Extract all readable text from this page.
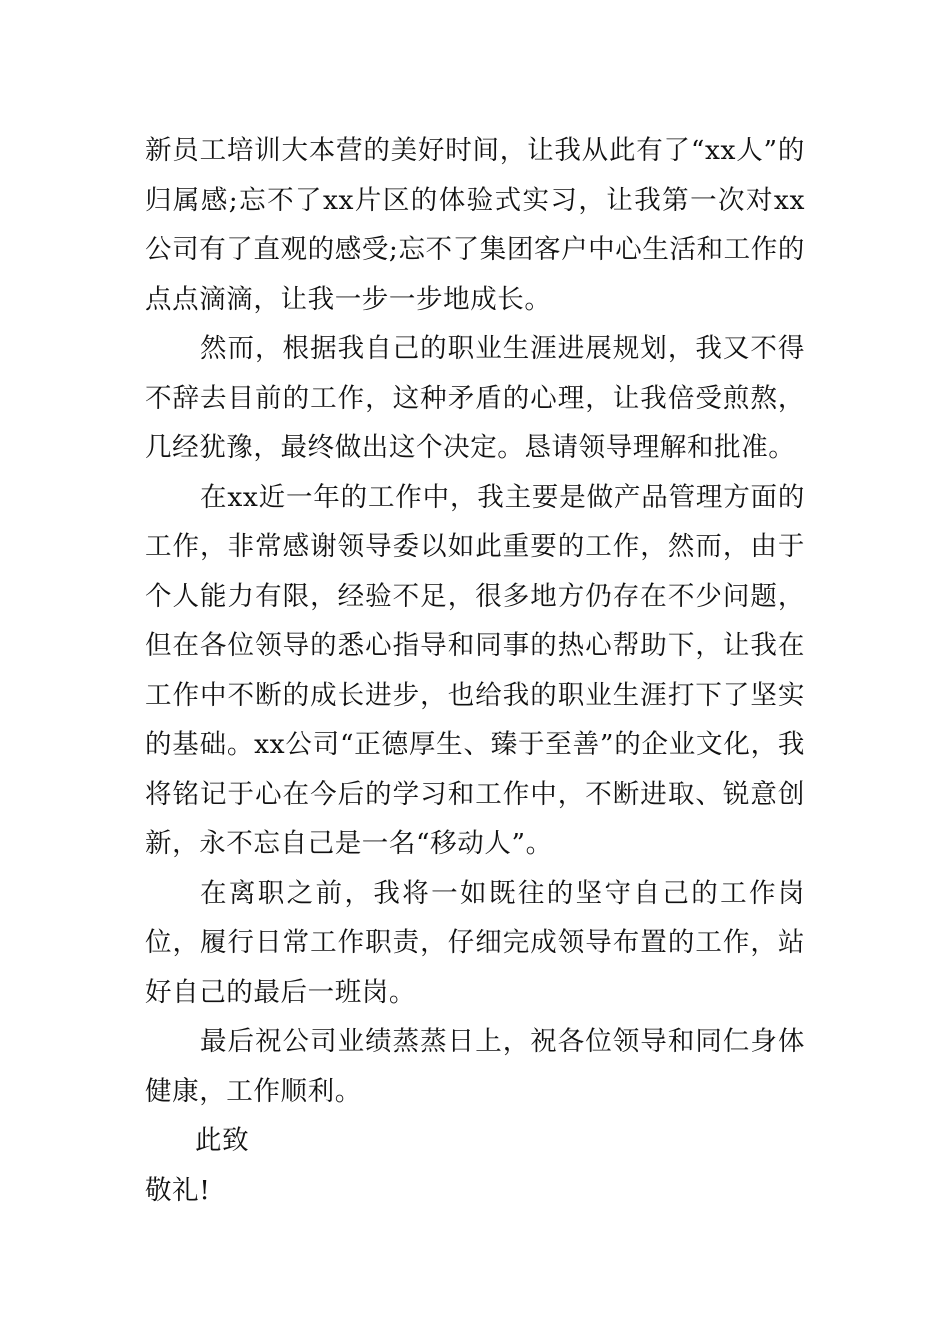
新员工培训大本营的美好时间，让我从此有了“xx人”的归属感;忘不了xx片区的体验式实习，让我第一次对xx公司有了直观的感受;忘不了集团客户中心生活和工作的点点滴滴，让我一步一步地成长。

然而，根据我自己的职业生涯进展规划，我又不得不辞去目前的工作，这种矛盾的心理，让我倍受煎熬，几经犹豫，最终做出这个决定。恳请领导理解和批准。

在xx近一年的工作中，我主要是做产品管理方面的工作，非常感谢领导委以如此重要的工作，然而，由于个人能力有限，经验不足，很多地方仍存在不少问题，但在各位领导的悉心指导和同事的热心帮助下，让我在工作中不断的成长进步，也给我的职业生涯打下了坚实的基础。xx公司“正德厚生、臻于至善”的企业文化，我将铭记于心在今后的学习和工作中，不断进取、锐意创新，永不忘自己是一名“移动人”。

在离职之前，我将一如既往的坚守自己的工作岗位，履行日常工作职责，仔细完成领导布置的工作，站好自己的最后一班岗。

最后祝公司业绩蒸蒸日上，祝各位领导和同仁身体健康，工作顺利。

此致

敬礼!
